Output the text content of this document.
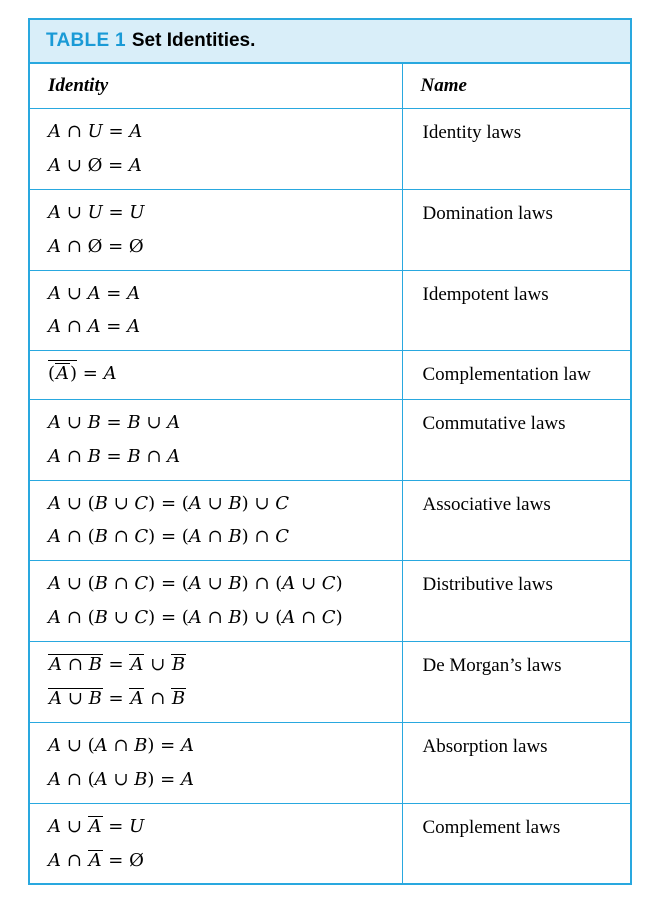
TABLE 1 Set Identities.
Identity	Name

A ∩ U = A
A ∪ Ø = A	Identity laws

A ∪ U = U
A ∩ Ø = Ø	Domination laws

A ∪ A = A
A ∩ A = A	Idempotent laws

(A) = A	Complementation law

A ∪ B = B ∪ A
A ∩ B = B ∩ A	Commutative laws

A ∪ (B ∪ C) = (A ∪ B) ∪ C
A ∩ (B ∩ C) = (A ∩ B) ∩ C	Associative laws

A ∪ (B ∩ C) = (A ∪ B) ∩ (A ∪ C)
A ∩ (B ∪ C) = (A ∩ B) ∪ (A ∩ C)	Distributive laws

A ∩ B = A ∪ B
A ∪ B = A ∩ B	De Morgan’s laws

A ∪ (A ∩ B) = A
A ∩ (A ∪ B) = A	Absorption laws

A ∪ A = U
A ∩ A = Ø	Complement laws
